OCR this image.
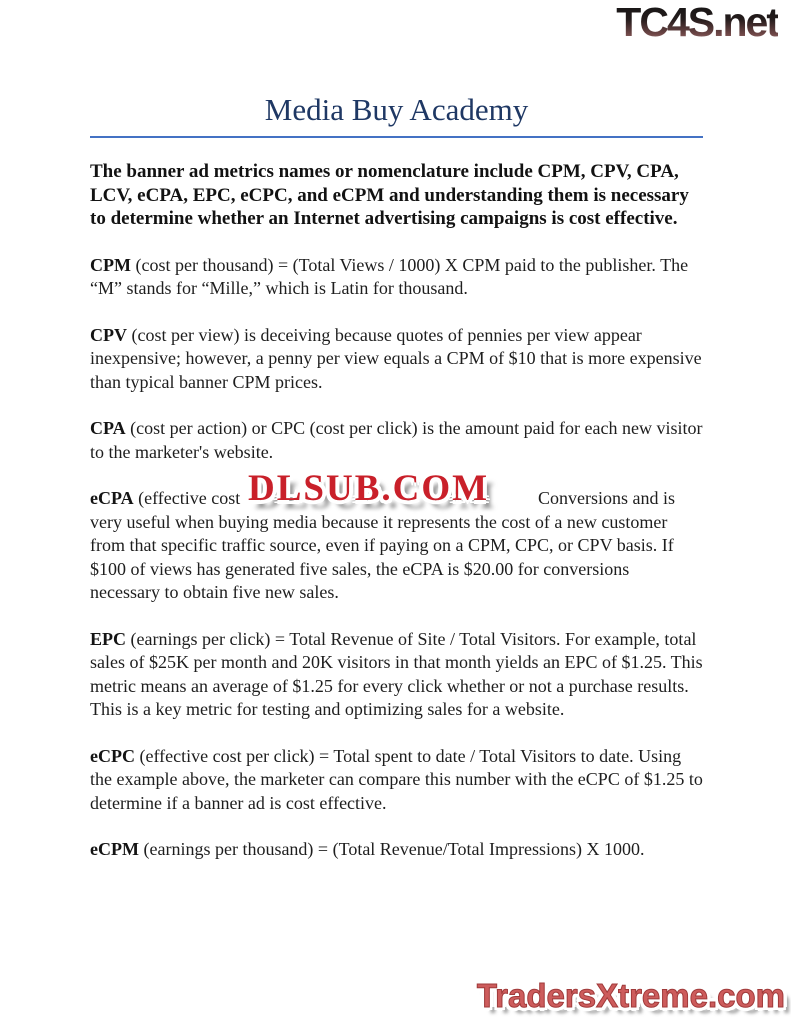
TC4S.net
Media Buy Academy

The banner ad metrics names or nomenclature include CPM, CPV, CPA, LCV, eCPA, EPC, eCPC, and eCPM and understanding them is necessary to determine whether an Internet advertising campaigns is cost effective.

CPM (cost per thousand) = (Total Views / 1000) X CPM paid to the publisher. The “M” stands for “Mille,” which is Latin for thousand.

CPV (cost per view) is deceiving because quotes of pennies per view appear inexpensive; however, a penny per view equals a CPM of $10 that is more expensive than typical banner CPM prices.

CPA (cost per action) or CPC (cost per click) is the amount paid for each new visitor to the marketer's website.

eCPA (effective cost DLSUB.COM	Conversions and is
very useful when buying media because it represents the cost of a new customer from that specific traffic source, even if paying on a CPM, CPC, or CPV basis. If $100 of views has generated five sales, the eCPA is $20.00 for conversions necessary to obtain five new sales.

EPC (earnings per click) = Total Revenue of Site / Total Visitors. For example, total sales of $25K per month and 20K visitors in that month yields an EPC of $1.25. This metric means an average of $1.25 for every click whether or not a purchase results. This is a key metric for testing and optimizing sales for a website.

eCPC (effective cost per click) = Total spent to date / Total Visitors to date. Using the example above, the marketer can compare this number with the eCPC of $1.25 to determine if a banner ad is cost effective.

eCPM (earnings per thousand) = (Total Revenue/Total Impressions) X 1000.

TradersXtreme.com
